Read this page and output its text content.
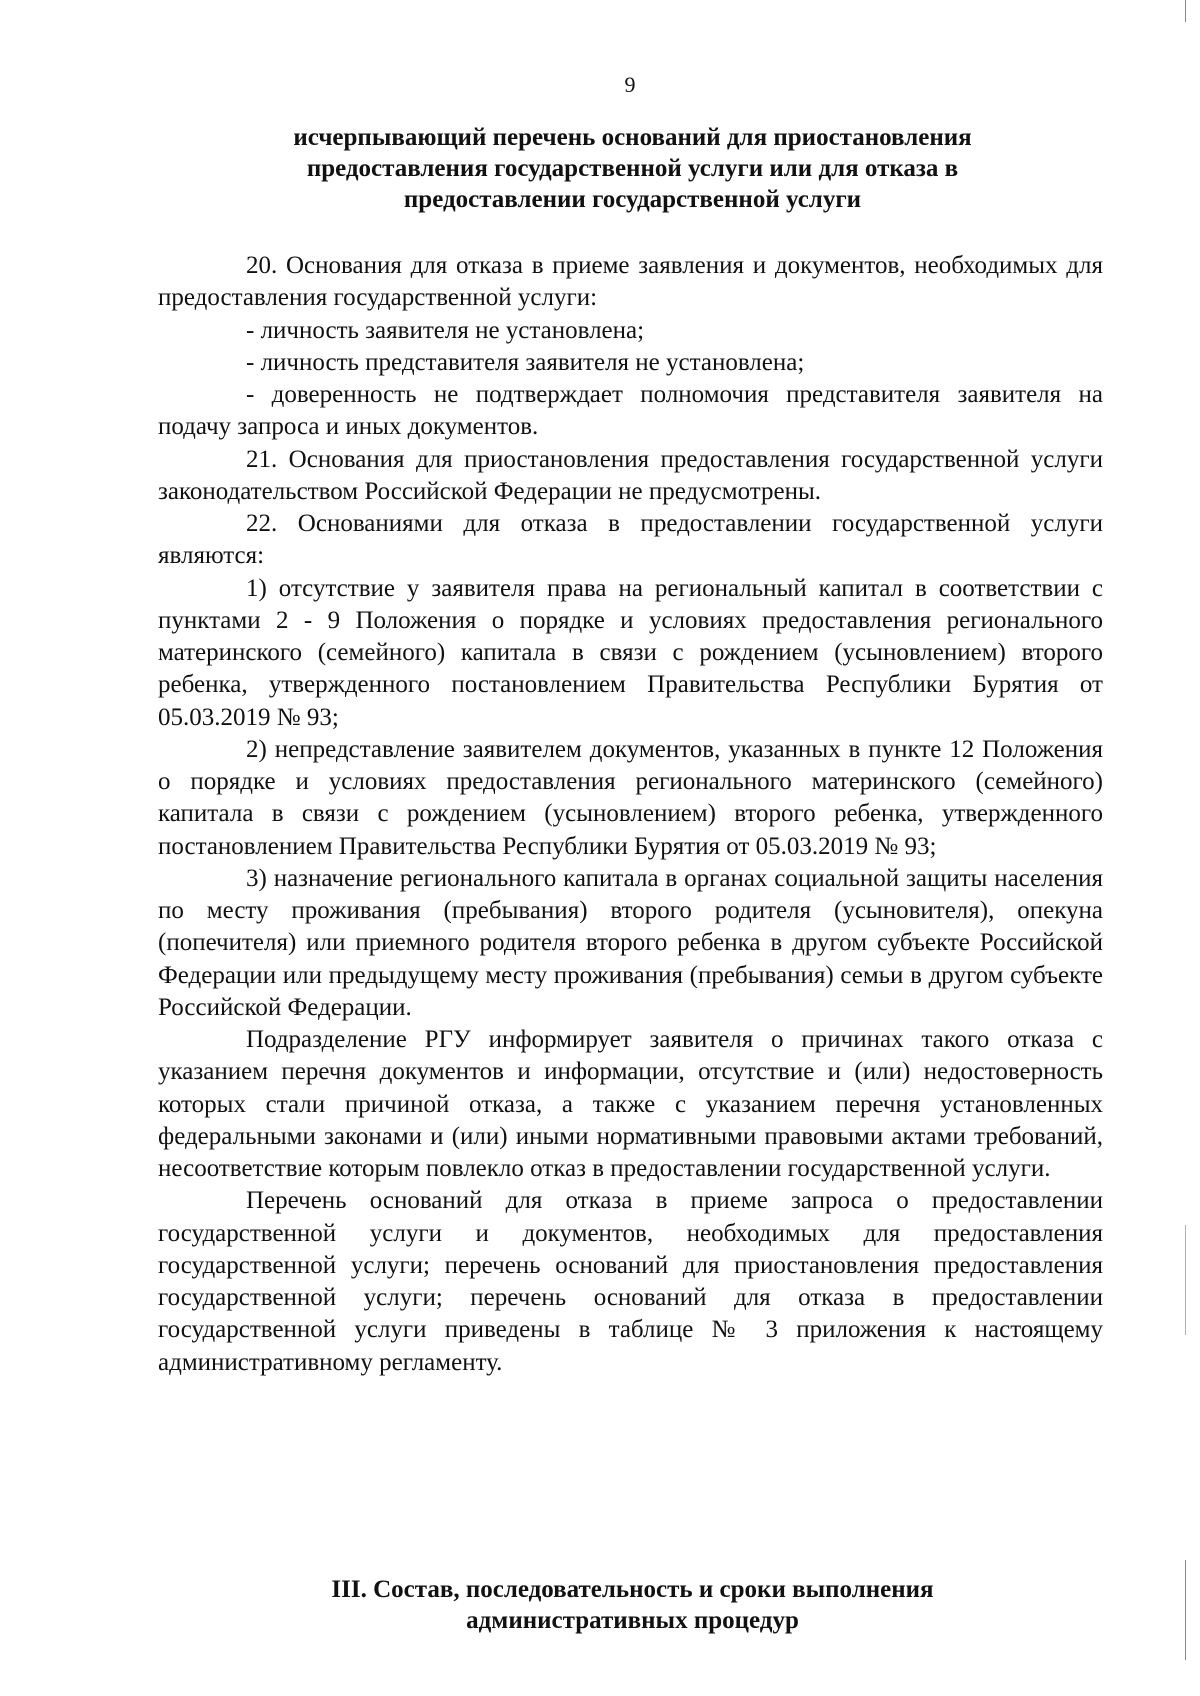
9
исчерпывающий перечень оснований для приостановления
предоставления государственной услуги или для отказа в
предоставлении государственной услуги

20. Основания для отказа в приеме заявления и документов, необходимых для предоставления государственной услуги:

- личность заявителя не установлена;

- личность представителя заявителя не установлена;

- доверенность не подтверждает полномочия представителя заявителя на подачу запроса и иных документов.

21. Основания для приостановления предоставления государственной услуги законодательством Российской Федерации не предусмотрены.

22. Основаниями для отказа в предоставлении государственной услуги являются:

1) отсутствие у заявителя права на региональный капитал в соответствии с пунктами 2 - 9 Положения о порядке и условиях предоставления регионального материнского (семейного) капитала в связи с рождением (усыновлением) второго ребенка, утвержденного постановлением Правительства Республики Бурятия от 05.03.2019 № 93;

2) непредставление заявителем документов, указанных в пункте 12 Положения о порядке и условиях предоставления регионального материнского (семейного) капитала в связи с рождением (усыновлением) второго ребенка, утвержденного постановлением Правительства Республики Бурятия от 05.03.2019 № 93;

3) назначение регионального капитала в органах социальной защиты населения по месту проживания (пребывания) второго родителя (усыновителя), опекуна (попечителя) или приемного родителя второго ребенка в другом субъекте Российской Федерации или предыдущему месту проживания (пребывания) семьи в другом субъекте Российской Федерации.

Подразделение РГУ информирует заявителя о причинах такого отказа с указанием перечня документов и информации, отсутствие и (или) недостоверность которых стали причиной отказа, а также с указанием перечня установленных федеральными законами и (или) иными нормативными правовыми актами требований, несоответствие которым повлекло отказ в предоставлении государственной услуги.

Перечень оснований для отказа в приеме запроса о предоставлении государственной услуги и документов, необходимых для предоставления государственной услуги; перечень оснований для приостановления предоставления государственной услуги; перечень оснований для отказа в предоставлении государственной услуги приведены в таблице № 3 приложения к настоящему административному регламенту.

III. Состав, последовательность и сроки выполнения
административных процедур
